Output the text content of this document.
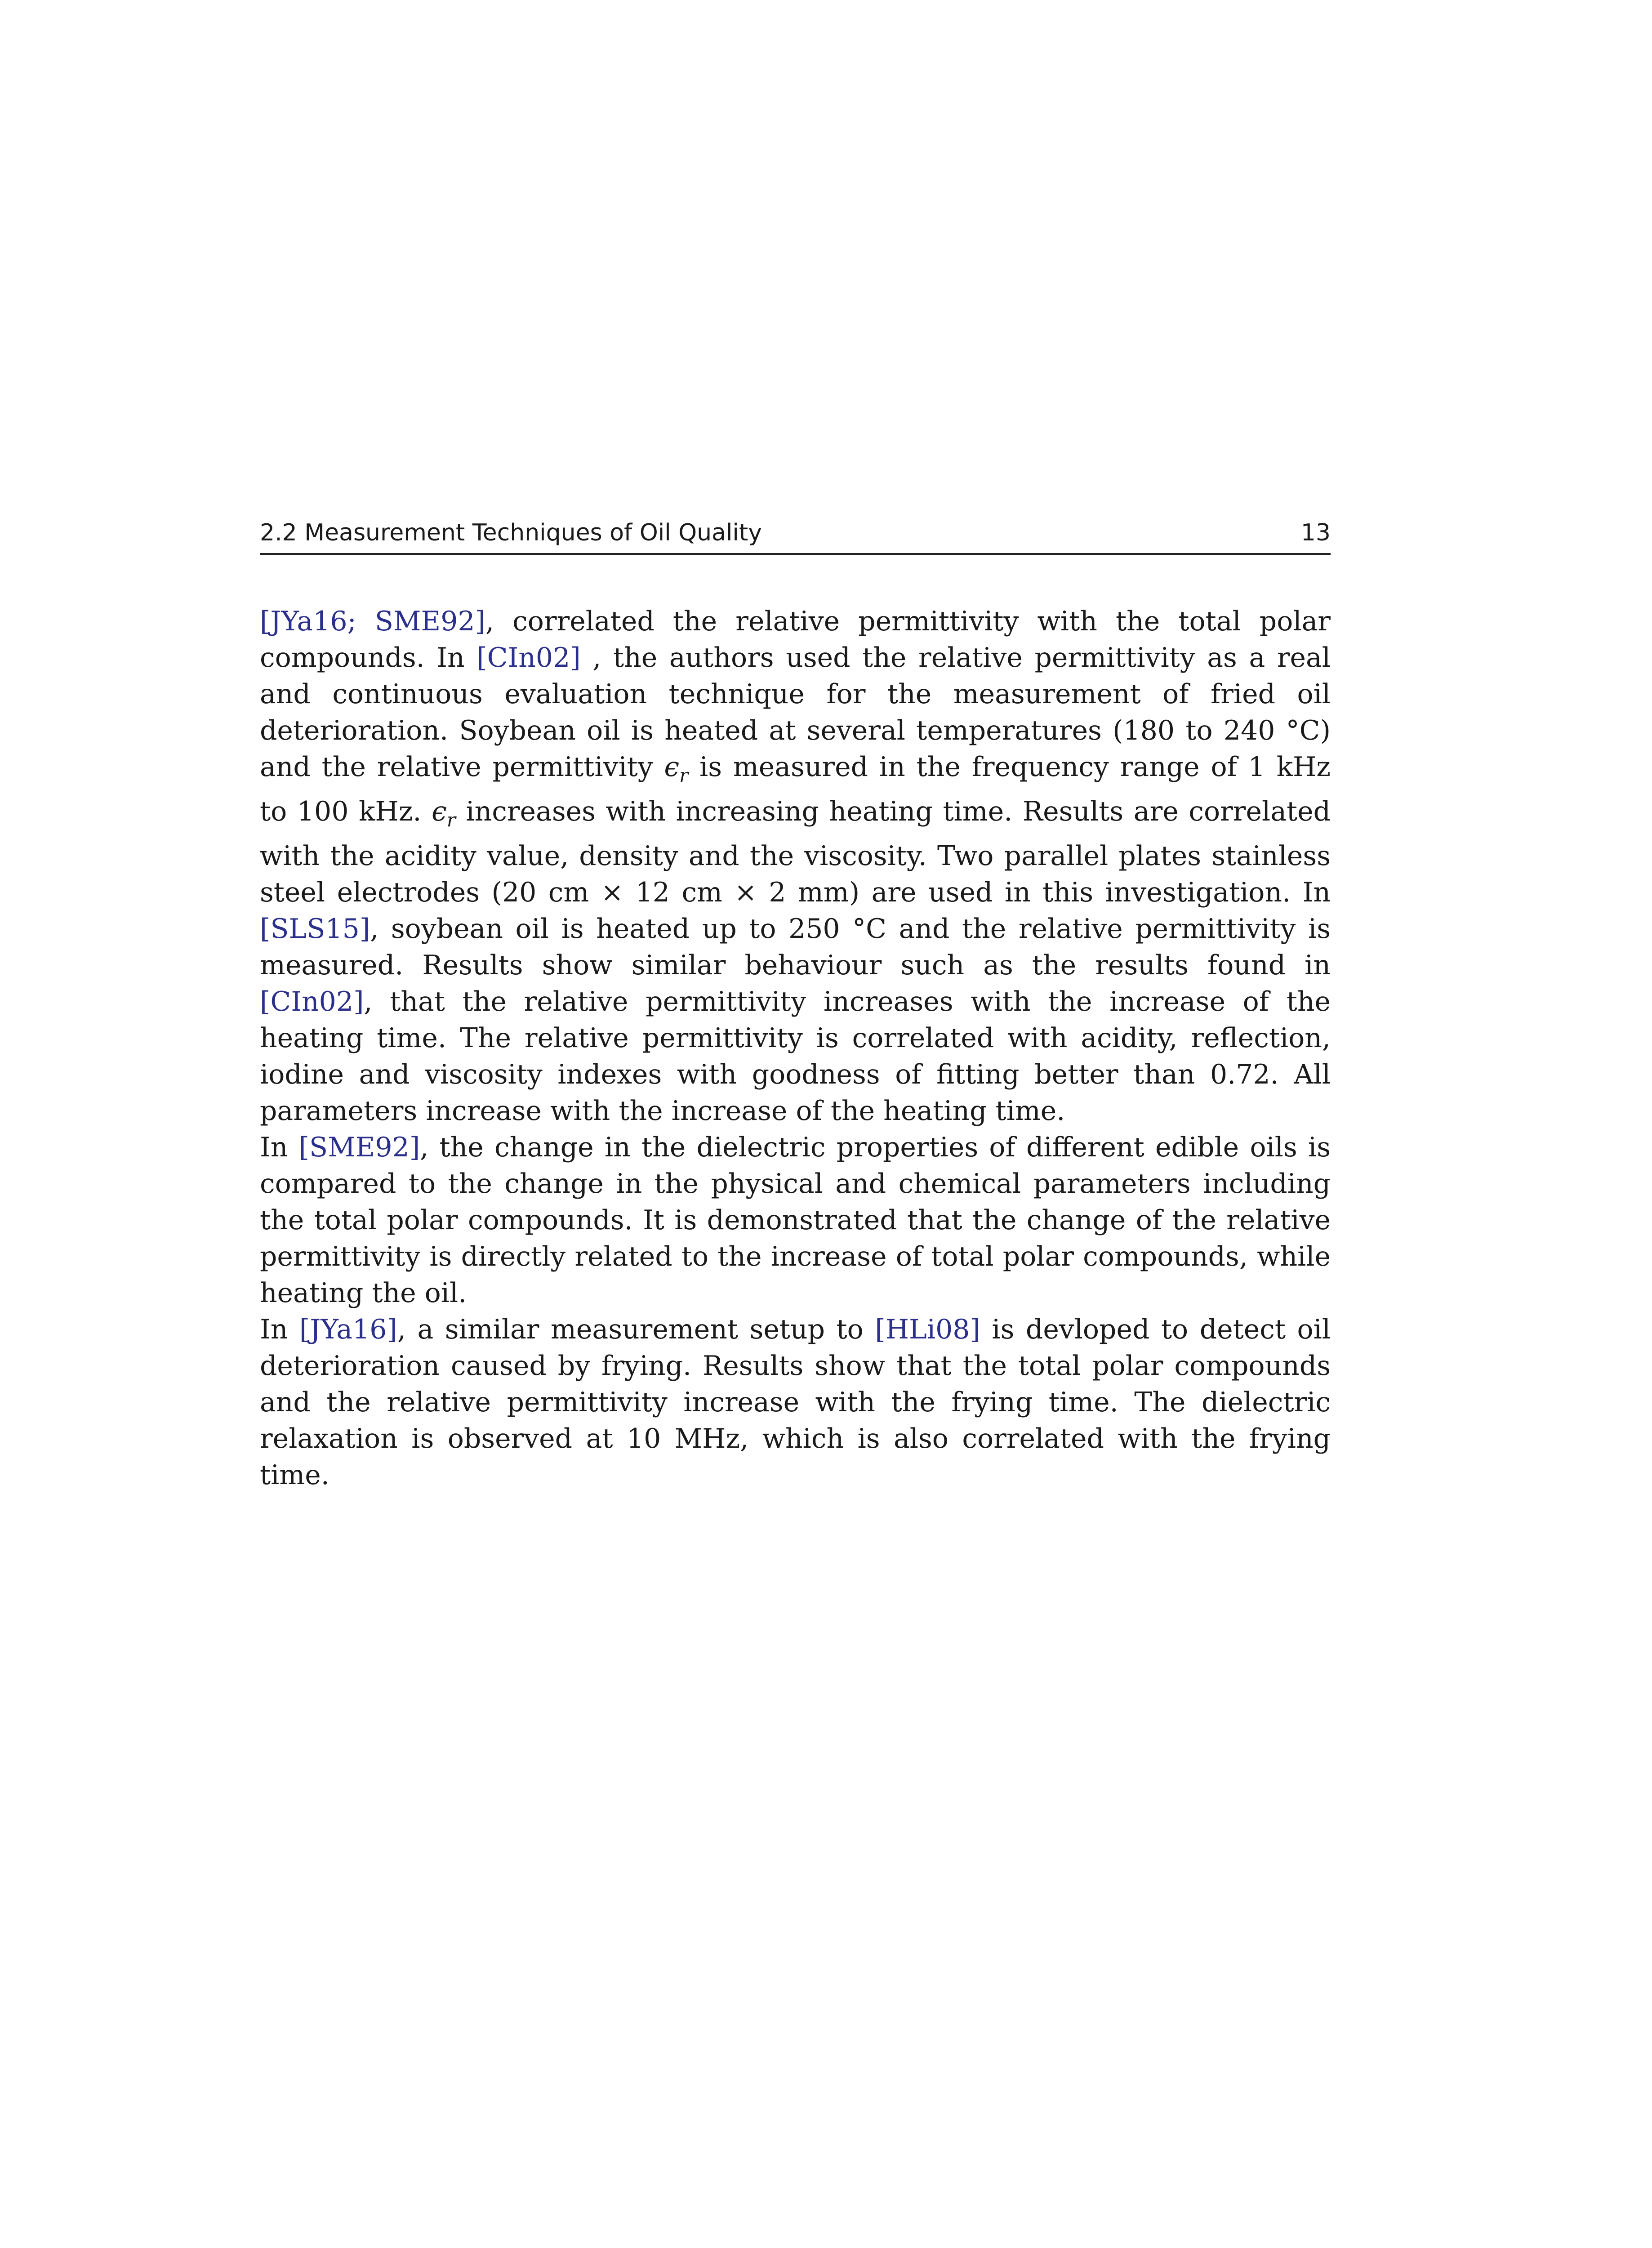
2.2 Measurement Techniques of Oil Quality	13

[JYa16; SME92], correlated the relative permittivity with the total polar compounds. In [CIn02] , the authors used the relative permittivity as a real and continuous evaluation technique for the measurement of fried oil deterioration. Soybean oil is heated at several temperatures (180 to 240 °C) and the relative permittivity $\epsilon_r$ is measured in the frequency range of 1 kHz to 100 kHz. $\epsilon_r$ increases with increasing heating time. Results are correlated with the acidity value, density and the viscosity. Two parallel plates stainless steel electrodes (20 cm × 12 cm × 2 mm) are used in this investigation. In [SLS15], soybean oil is heated up to 250 °C and the relative permittivity is measured. Results show similar behaviour such as the results found in [CIn02], that the relative permittivity increases with the increase of the heating time. The relative permittivity is correlated with acidity, reflection, iodine and viscosity indexes with goodness of fitting better than 0.72. All parameters increase with the increase of the heating time.

In [SME92], the change in the dielectric properties of different edible oils is compared to the change in the physical and chemical parameters including the total polar compounds. It is demonstrated that the change of the relative permittivity is directly related to the increase of total polar compounds, while heating the oil.

In [JYa16], a similar measurement setup to [HLi08] is devloped to detect oil deterioration caused by frying. Results show that the total polar compounds and the relative permittivity increase with the frying time. The dielectric relaxation is observed at 10 MHz, which is also correlated with the frying time.
